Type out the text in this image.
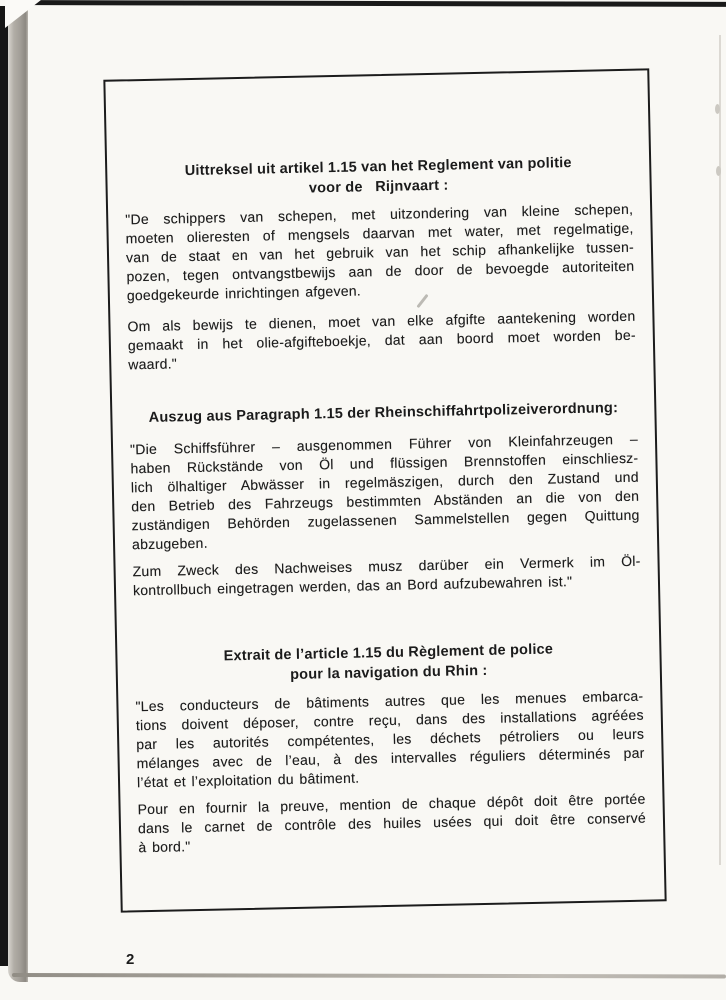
Uittreksel uit artikel 1.15 van het Reglement van politie
voor de   Rijnvaart :
"De schippers van schepen, met uitzondering van kleine schepen,
moeten olieresten of mengsels daarvan met water, met regelmatige,
van de staat en van het gebruik van het schip afhankelijke tussen-
pozen, tegen ontvangstbewijs aan de door de bevoegde autoriteiten
goedgekeurde inrichtingen afgeven.
Om als bewijs te dienen, moet van elke afgifte aantekening worden
gemaakt in het olie-afgifteboekje, dat aan boord moet worden be-
waard."
Auszug aus Paragraph 1.15 der Rheinschiffahrtpolizeiverordnung:
"Die Schiffsführer – ausgenommen Führer von Kleinfahrzeugen –
haben Rückstände von Öl und flüssigen Brennstoffen einschliesz-
lich ölhaltiger Abwässer in regelmäszigen, durch den Zustand und
den Betrieb des Fahrzeugs bestimmten Abständen an die von den
zuständigen Behörden zugelassenen Sammelstellen gegen Quittung
abzugeben.
Zum Zweck des Nachweises musz darüber ein Vermerk im Öl-
kontrollbuch eingetragen werden, das an Bord aufzubewahren ist."
Extrait de l’article 1.15 du Règlement de police
pour la navigation du Rhin :
"Les conducteurs de bâtiments autres que les menues embarca-
tions doivent déposer, contre reçu, dans des installations agréées
par les autorités compétentes, les déchets pétroliers ou leurs
mélanges avec de l’eau, à des intervalles réguliers déterminés par
l’état et l’exploitation du bâtiment.
Pour en fournir la preuve, mention de chaque dépôt doit être portée
dans le carnet de contrôle des huiles usées qui doit être conservé
à bord."
2
